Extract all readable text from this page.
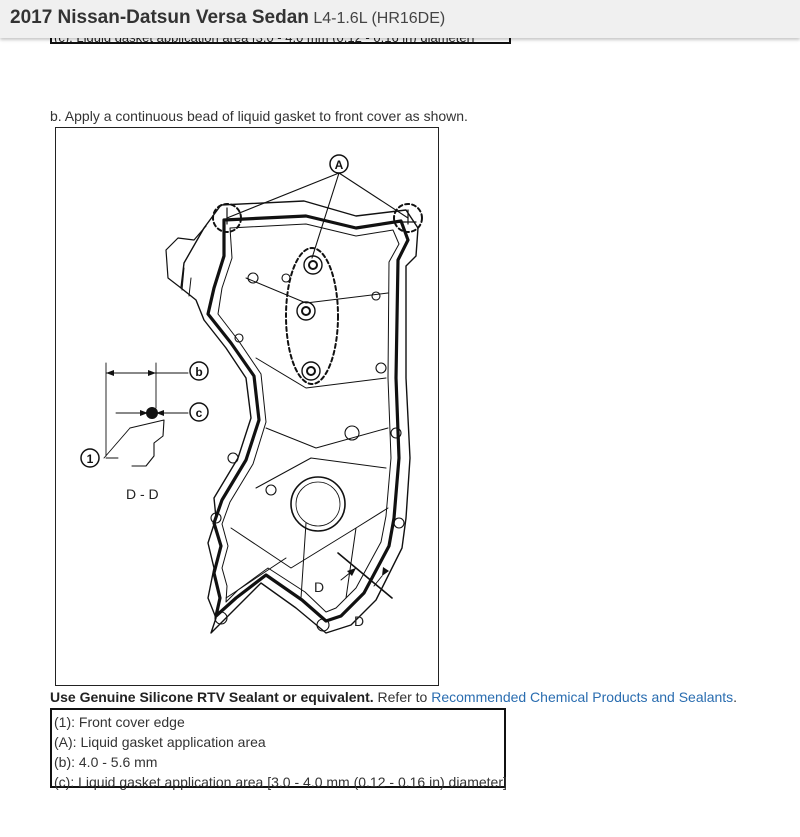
2017 Nissan-Datsun Versa Sedan L4-1.6L (HR16DE)
b. Apply a continuous bead of liquid gasket to front cover as shown.
A
b
c
1
D - D
D
D
Use Genuine Silicone RTV Sealant or equivalent. Refer to Recommended Chemical Products and Sealants.
(1): Front cover edge
(A): Liquid gasket application area
(b): 4.0 - 5.6 mm
(c): Liquid gasket application area [3.0 - 4.0 mm (0.12 - 0.16 in) diameter]
